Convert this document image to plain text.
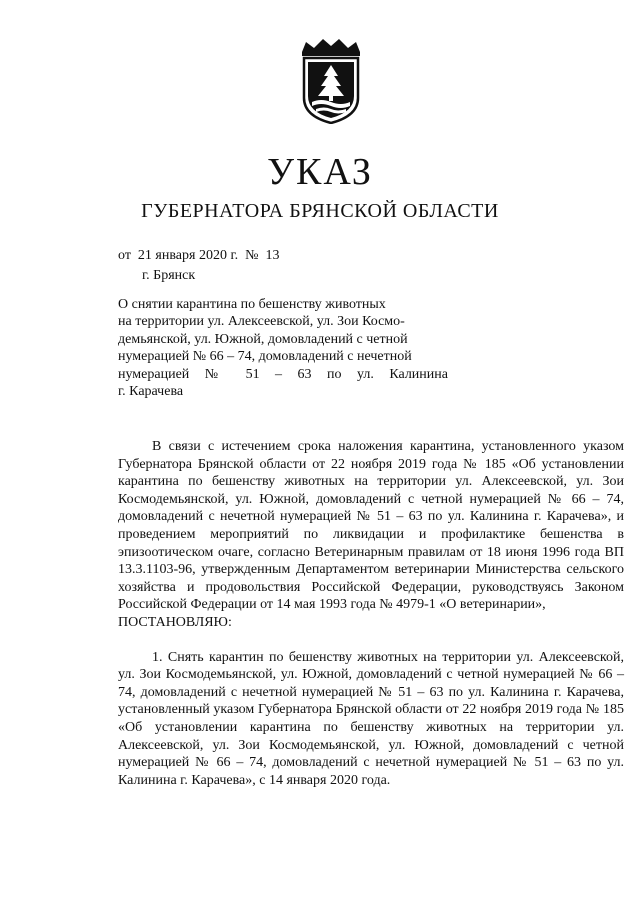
УКАЗ
ГУБЕРНАТОРА БРЯНСКОЙ ОБЛАСТИ
от  21 января 2020 г.  №  13
г. Брянск
О снятии карантина по бешенству животных
на территории ул. Алексеевской, ул. Зои Космо-
демьянской, ул. Южной, домовладений с четной
нумерацией № 66 – 74, домовладений с нечетной
нумерацией № 51 – 63 по ул. Калинина
г. Карачева

В связи с истечением срока наложения карантина, установленного указом Губернатора Брянской области от 22 ноября 2019 года № 185 «Об установлении карантина по бешенству животных на территории ул. Алексеевской, ул. Зои Космодемьянской, ул. Южной, домовладений с четной нумерацией № 66 – 74, домовладений с нечетной нумерацией № 51 – 63 по ул. Калинина г. Карачева», и проведением мероприятий по ликвидации и профилактике бешенства в эпизоотическом очаге, согласно Ветеринарным правилам от 18 июня 1996 года ВП 13.3.1103-96, утвержденным Департаментом ветеринарии Министерства сельского хозяйства и продовольствия Российской Федерации, руководствуясь Законом Российской Федерации от 14 мая 1993 года № 4979-1 «О ветеринарии»,

ПОСТАНОВЛЯЮ:

1. Снять карантин по бешенству животных на территории ул. Алексеевской, ул. Зои Космодемьянской, ул. Южной, домовладений с четной нумерацией № 66 – 74, домовладений с нечетной нумерацией № 51 – 63 по ул. Калинина г. Карачева, установленный указом Губернатора Брянской области от 22 ноября 2019 года № 185 «Об установлении карантина по бешенству животных на территории ул. Алексеевской, ул. Зои Космодемьянской, ул. Южной, домовладений с четной нумерацией № 66 – 74, домовладений с нечетной нумерацией № 51 – 63 по ул. Калинина г. Карачева», с 14 января 2020 года.
